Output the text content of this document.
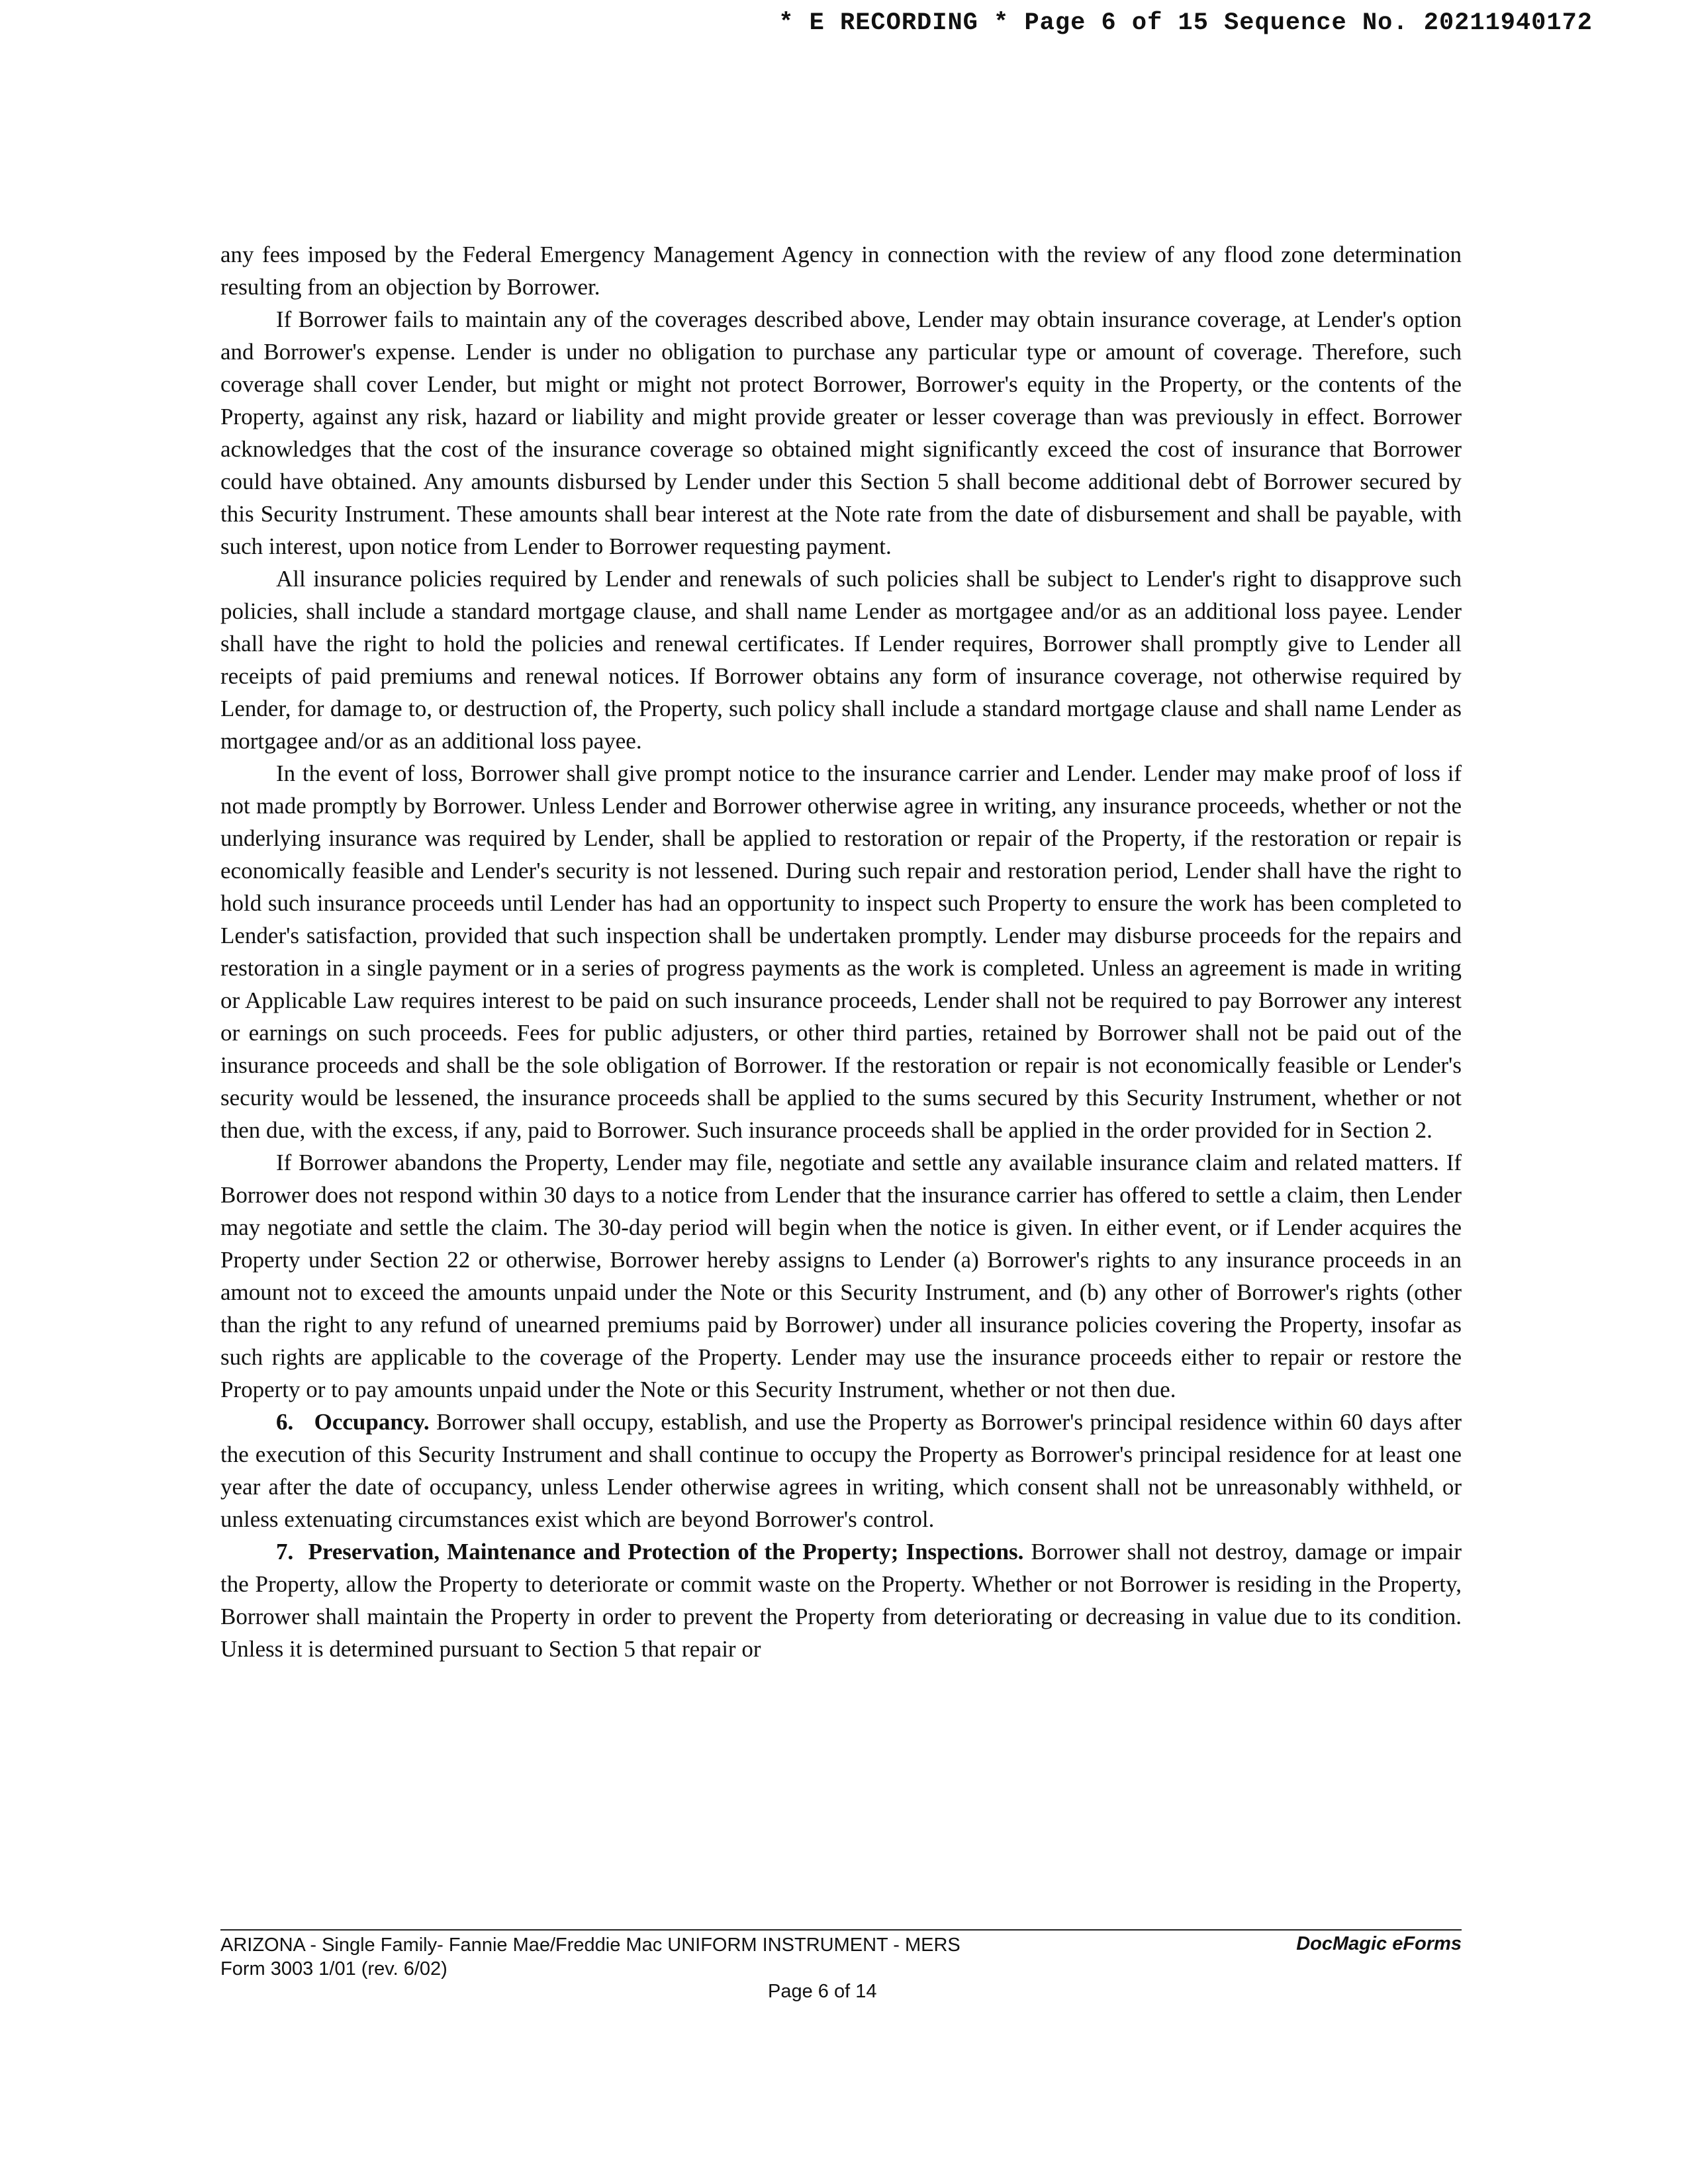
* E RECORDING * Page 6 of 15 Sequence No. 20211940172

any fees imposed by the Federal Emergency Management Agency in connection with the review of any flood zone determination resulting from an objection by Borrower.

If Borrower fails to maintain any of the coverages described above, Lender may obtain insurance coverage, at Lender's option and Borrower's expense. Lender is under no obligation to purchase any particular type or amount of coverage. Therefore, such coverage shall cover Lender, but might or might not protect Borrower, Borrower's equity in the Property, or the contents of the Property, against any risk, hazard or liability and might provide greater or lesser coverage than was previously in effect. Borrower acknowledges that the cost of the insurance coverage so obtained might significantly exceed the cost of insurance that Borrower could have obtained. Any amounts disbursed by Lender under this Section 5 shall become additional debt of Borrower secured by this Security Instrument. These amounts shall bear interest at the Note rate from the date of disbursement and shall be payable, with such interest, upon notice from Lender to Borrower requesting payment.

All insurance policies required by Lender and renewals of such policies shall be subject to Lender's right to disapprove such policies, shall include a standard mortgage clause, and shall name Lender as mortgagee and/or as an additional loss payee. Lender shall have the right to hold the policies and renewal certificates. If Lender requires, Borrower shall promptly give to Lender all receipts of paid premiums and renewal notices. If Borrower obtains any form of insurance coverage, not otherwise required by Lender, for damage to, or destruction of, the Property, such policy shall include a standard mortgage clause and shall name Lender as mortgagee and/or as an additional loss payee.

In the event of loss, Borrower shall give prompt notice to the insurance carrier and Lender. Lender may make proof of loss if not made promptly by Borrower. Unless Lender and Borrower otherwise agree in writing, any insurance proceeds, whether or not the underlying insurance was required by Lender, shall be applied to restoration or repair of the Property, if the restoration or repair is economically feasible and Lender's security is not lessened. During such repair and restoration period, Lender shall have the right to hold such insurance proceeds until Lender has had an opportunity to inspect such Property to ensure the work has been completed to Lender's satisfaction, provided that such inspection shall be undertaken promptly. Lender may disburse proceeds for the repairs and restoration in a single payment or in a series of progress payments as the work is completed. Unless an agreement is made in writing or Applicable Law requires interest to be paid on such insurance proceeds, Lender shall not be required to pay Borrower any interest or earnings on such proceeds. Fees for public adjusters, or other third parties, retained by Borrower shall not be paid out of the insurance proceeds and shall be the sole obligation of Borrower. If the restoration or repair is not economically feasible or Lender's security would be lessened, the insurance proceeds shall be applied to the sums secured by this Security Instrument, whether or not then due, with the excess, if any, paid to Borrower. Such insurance proceeds shall be applied in the order provided for in Section 2.

If Borrower abandons the Property, Lender may file, negotiate and settle any available insurance claim and related matters. If Borrower does not respond within 30 days to a notice from Lender that the insurance carrier has offered to settle a claim, then Lender may negotiate and settle the claim. The 30-day period will begin when the notice is given. In either event, or if Lender acquires the Property under Section 22 or otherwise, Borrower hereby assigns to Lender (a) Borrower's rights to any insurance proceeds in an amount not to exceed the amounts unpaid under the Note or this Security Instrument, and (b) any other of Borrower's rights (other than the right to any refund of unearned premiums paid by Borrower) under all insurance policies covering the Property, insofar as such rights are applicable to the coverage of the Property. Lender may use the insurance proceeds either to repair or restore the Property or to pay amounts unpaid under the Note or this Security Instrument, whether or not then due.

6. Occupancy. Borrower shall occupy, establish, and use the Property as Borrower's principal residence within 60 days after the execution of this Security Instrument and shall continue to occupy the Property as Borrower's principal residence for at least one year after the date of occupancy, unless Lender otherwise agrees in writing, which consent shall not be unreasonably withheld, or unless extenuating circumstances exist which are beyond Borrower's control.

7. Preservation, Maintenance and Protection of the Property; Inspections. Borrower shall not destroy, damage or impair the Property, allow the Property to deteriorate or commit waste on the Property. Whether or not Borrower is residing in the Property, Borrower shall maintain the Property in order to prevent the Property from deteriorating or decreasing in value due to its condition. Unless it is determined pursuant to Section 5 that repair or

ARIZONA - Single Family- Fannie Mae/Freddie Mac UNIFORM INSTRUMENT - MERS
Form 3003 1/01 (rev. 6/02)
DocMagic eForms
Page 6 of 14
